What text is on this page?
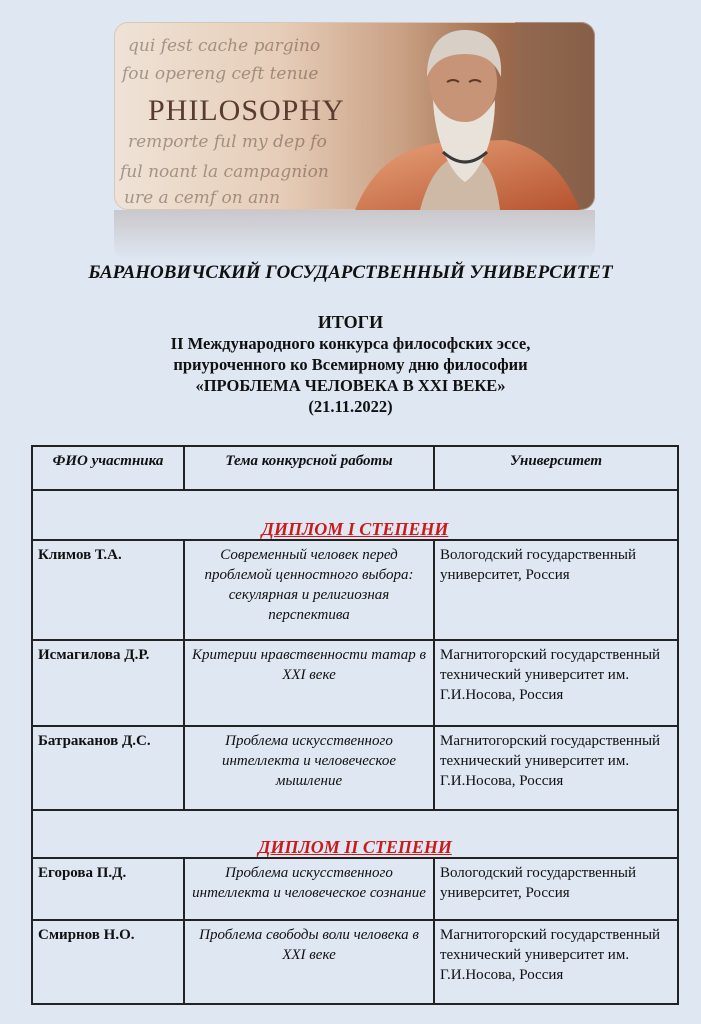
qui fest cache pargino
fou opereng ceft tenue
remporte ful my dep fo
ful noant la campagnion
ure a cemf on ann
PHILOSOPHY
БАРАНОВИЧСКИЙ ГОСУДАРСТВЕННЫЙ УНИВЕРСИТЕТ
ИТОГИ
II Международного конкурса философских эссе,
приуроченного ко Всемирному дню философии
«ПРОБЛЕМА ЧЕЛОВЕКА В XXI ВЕКЕ»
(21.11.2022)
ФИО участника	Тема конкурсной работы	Университет
ДИПЛОМ I СТЕПЕНИ		
Климов Т.А.	Современный человек перед проблемой ценностного выбора: секулярная и религиозная перспектива	Вологодский государственный университет, Россия
Исмагилова Д.Р.	Критерии нравственности татар в XXI веке	Магнитогорский государственный технический университет им. Г.И.Носова, Россия
Батраканов Д.С.	Проблема искусственного интеллекта и человеческое мышление	Магнитогорский государственный технический университет им. Г.И.Носова, Россия
ДИПЛОМ II СТЕПЕНИ		
Егорова П.Д.	Проблема искусственного интеллекта и человеческое сознание	Вологодский государственный университет, Россия
Смирнов Н.О.	Проблема свободы воли человека в XXI веке	Магнитогорский государственный технический университет им. Г.И.Носова, Россия
